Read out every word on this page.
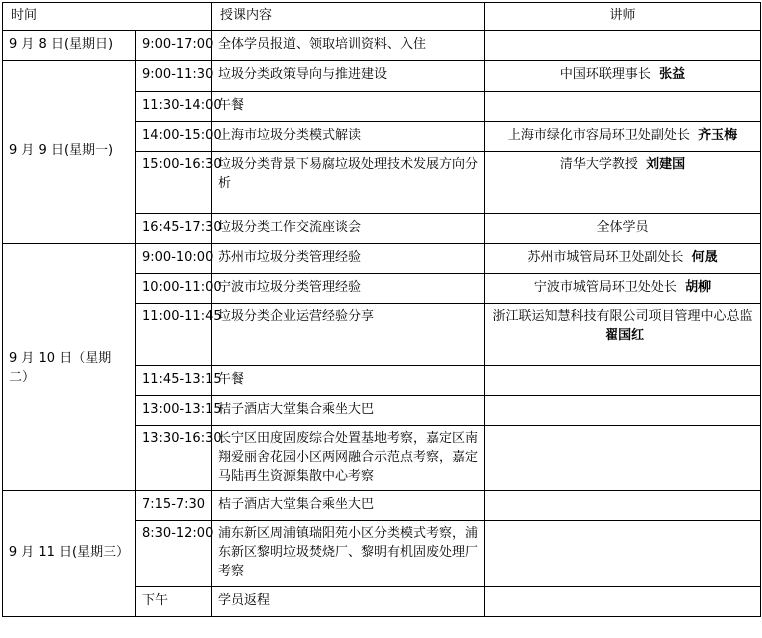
时间		授课内容	讲师
9 月 8 日(星期日)	9:00-17:00	全体学员报道、领取培训资料、入住	
9 月 9 日(星期一)	9:00-11:30	垃圾分类政策导向与推进建设	中国环联理事长 张益
	11:30-14:00	午餐	
	14:00-15:00	上海市垃圾分类模式解读	上海市绿化市容局环卫处副处长 齐玉梅
	15:00-16:30	垃圾分类背景下易腐垃圾处理技术发展方向分析	清华大学教授 刘建国
	16:45-17:30	垃圾分类工作交流座谈会	全体学员
9 月 10 日（星期二）	9:00-10:00	苏州市垃圾分类管理经验	苏州市城管局环卫处副处长 何晟
	10:00-11:00	宁波市垃圾分类管理经验	宁波市城管局环卫处处长 胡柳
	11:00-11:45	垃圾分类企业运营经验分享	浙江联运知慧科技有限公司项目管理中心总监  翟国红
	11:45-13:15	午餐	
	13:00-13:15	桔子酒店大堂集合乘坐大巴	
	13:30-16:30	长宁区田度固废综合处置基地考察，嘉定区南翔爱丽舍花园小区两网融合示范点考察，嘉定马陆再生资源集散中心考察	
9 月 11 日(星期三）	7:15-7:30	桔子酒店大堂集合乘坐大巴	
	8:30-12:00	浦东新区周浦镇瑞阳苑小区分类模式考察，浦东新区黎明垃圾焚烧厂、黎明有机固废处理厂考察	
	下午	学员返程	
